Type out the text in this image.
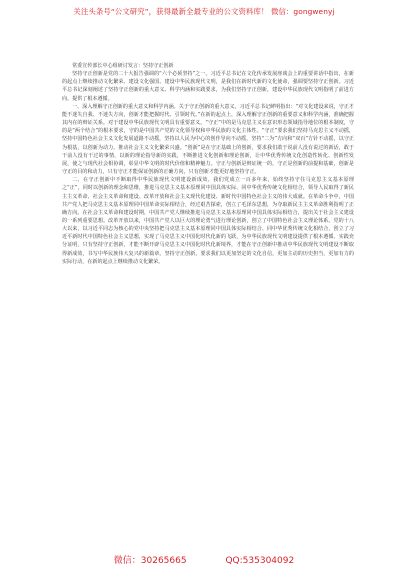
关注头条号“公文研究”，获得最新全最专业的公文资料库！ 微信：gongwenyj

常委宣传部长中心组研讨发言：坚持守正创新

坚持守正创新是党的二十大报告强调的“六个必须坚持”之一。习近平总书记在文化传承发展座谈会上的重要讲话中指出，在新的起点上继续推动文化繁荣、建设文化强国、建设中华民族现代文明，是我们在新时代新的文化使命，强调要坚持守正创新。习近平总书记深刻阐述了坚持守正创新的重大意义、科学内涵和实践要求，为我们坚持守正创新，建设中华民族现代文明指明了前进方向、提供了根本遵循。

一、深入理解守正创新的重大意义和科学内涵。关于守正创新的重大意义，习近平总书记鲜明指出：“对文化建设来说，守正才能不迷失自我、不迷失方向，创新才能把握时代、引领时代。”在新的起点上，深入理解守正创新的重要意义和科学内涵，准确把握其内在的辩证关系。对于建设中华民族现代文明具有重要意义。“守正”中的是马克思主义在意识形态领域指导地位的根本制度，守的是“两个结合”的根本要求，守的是中国共产党的文化领导权和中华民族的文化主体性。“守正”要求我们坚持马克思主义不动摇，坚持中国特色社会主义文化发展道路不动摇，坚持以人民为中心的创作导向不动摇，坚持“二为”方向和“双百”方针不动摇，以守正为根基，以创新为动力，推动社会主义文化繁荣兴盛。“创新”是在守正基础上的创新，要求我们敢于说前人没有说过的新话，敢于干前人没有干过的事情，以新的理论指导新的实践，不断推进文化创新和理论创新，让中华优秀传统文化创造性转化、创新性发展，使之与现代社会相协调，彰显中华文明的时代价值和精神魅力。守正与创新是辩证统一的，守正是创新的前提和基础，创新是守正的目的和动力，只有守正才能保证创新的正确方向，只有创新才能更好地坚持守正。

二、在守正创新中不断取得中华民族现代文明建设新成效。我们党成立一百多年来，始终坚持守住马克思主义基本原理之“正”，同时以创新的理念和思维，推进马克思主义基本原理同中国具体实际、同中华优秀传统文化相结合，领导人民取得了新民主主义革命、社会主义革命和建设、改革开放和社会主义现代化建设、新时代中国特色社会主义的伟大成就。在革命斗争中，中国共产党人把马克思主义基本原理同中国革命实际相结合，经过艰苦探索，创立了毛泽东思想，为夺取新民主主义革命胜利指明了正确方向。在社会主义革命和建设时期，中国共产党人继续推进马克思主义基本原理同中国具体实际相结合，提出关于社会主义建设的一系列重要思想。改革开放以来，中国共产党人以巨大的理论勇气进行理论创新，创立了中国特色社会主义理论体系。党的十八大以来，以习近平同志为核心的党中央坚持把马克思主义基本原理同中国具体实际相结合、同中华优秀传统文化相结合，创立了习近平新时代中国特色社会主义思想，实现了马克思主义中国化时代化新的飞跃，为中华民族现代文明建设提供了根本遵循。实践充分证明，只有坚持守正创新，才能不断开辟马克思主义中国化时代化新境界，才能在守正创新中推动中华民族现代文明建设不断取得新成效，书写中华民族伟大复兴的新篇章。坚持守正创新，要求我们以更加坚定的文化自信，更加主动的历史担当，更加有力的实际行动，在新的起点上继续推动文化繁荣。

微信：30265665	QQ:535304092
